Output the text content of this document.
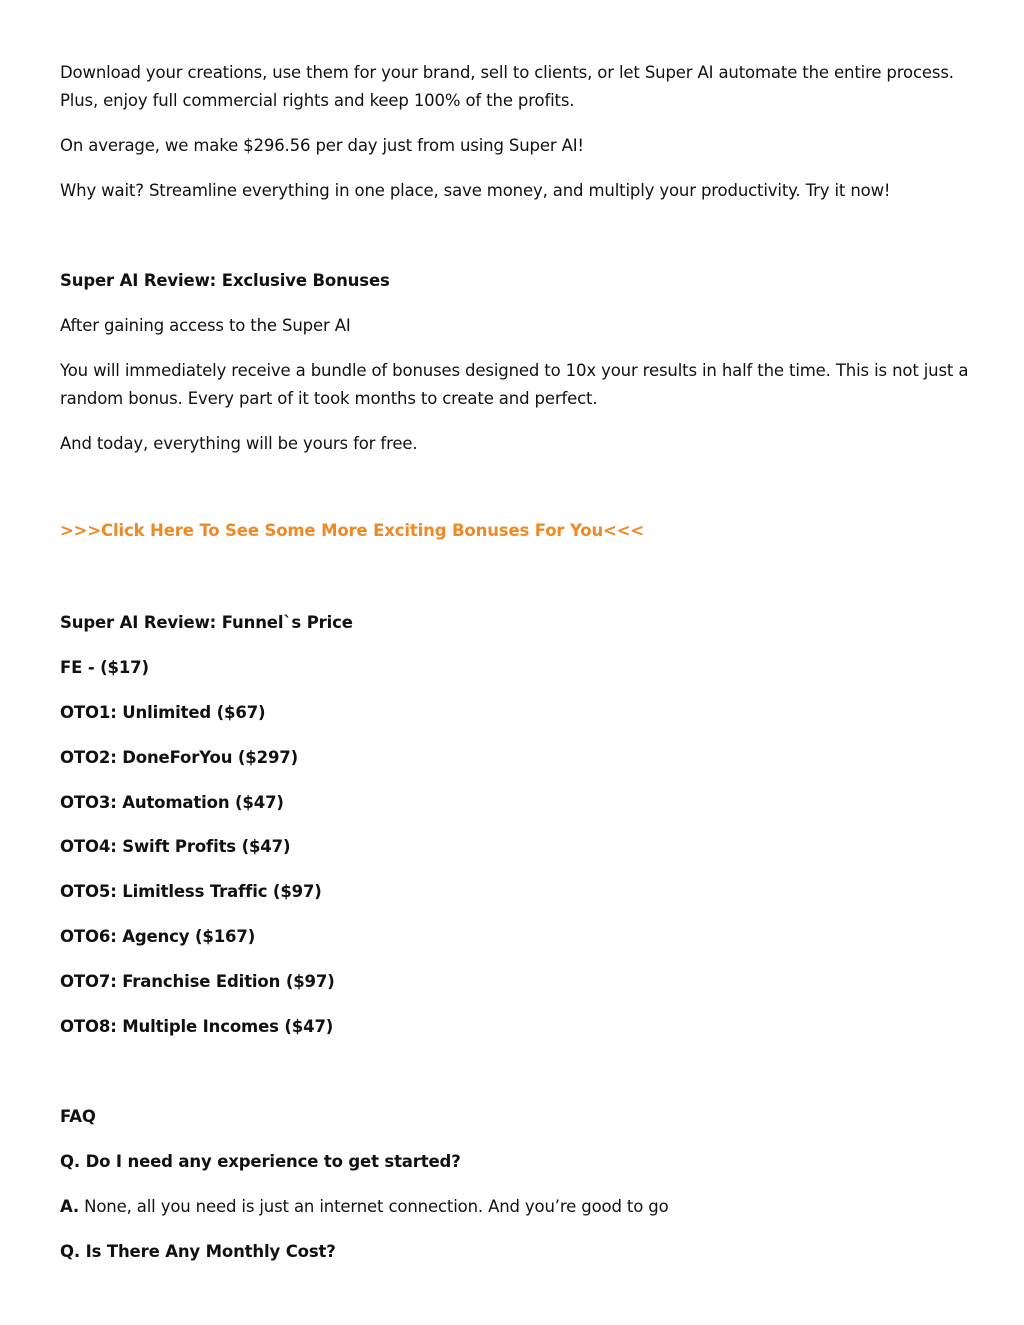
Download your creations, use them for your brand, sell to clients, or let Super AI automate the entire process. Plus, enjoy full commercial rights and keep 100% of the profits.
On average, we make $296.56 per day just from using Super AI!
Why wait? Streamline everything in one place, save money, and multiply your productivity. Try it now!
Super AI Review: Exclusive Bonuses
After gaining access to the Super AI
You will immediately receive a bundle of bonuses designed to 10x your results in half the time. This is not just a random bonus. Every part of it took months to create and perfect.
And today, everything will be yours for free.
>>>Click Here To See Some More Exciting Bonuses For You<<<
Super AI Review: Funnel`s Price
FE - ($17)
OTO1: Unlimited ($67)
OTO2: DoneForYou ($297)
OTO3: Automation ($47)
OTO4: Swift Profits ($47)
OTO5: Limitless Traffic ($97)
OTO6: Agency ($167)
OTO7: Franchise Edition ($97)
OTO8: Multiple Incomes ($47)
FAQ
Q. Do I need any experience to get started?
A. None, all you need is just an internet connection. And you’re good to go
Q. Is There Any Monthly Cost?
